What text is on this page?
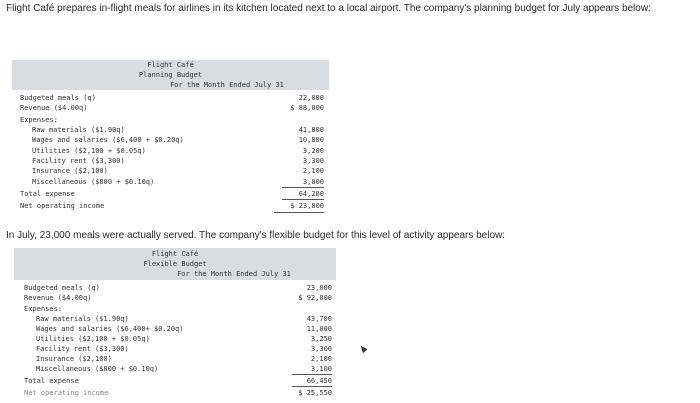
Flight Café prepares in-flight meals for airlines in its kitchen located next to a local airport. The company's planning budget for July appears below:
Flight Café
Planning Budget
For the Month Ended July 31
Budgeted meals (q)	22,000
Revenue ($4.00q)	$ 88,000
Expenses:
Raw materials ($1.90q)	41,800
Wages and salaries ($6,400 + $0.20q)	10,800
Utilities ($2,100 + $0.05q)	3,200
Facility rent ($3,300)	3,300
Insurance ($2,100)	2,100
Miscellaneous ($800 + $0.10q)	3,000
Total expense	64,200
Net operating income	$ 23,800
In July, 23,000 meals were actually served. The company's flexible budget for this level of activity appears below:
Flight Café
Flexible Budget
For the Month Ended July 31
Budgeted meals (q)	23,000
Revenue ($4.00q)	$ 92,000
Expenses:
Raw materials ($1.90q)	43,700
Wages and salaries ($6,400+ $0.20q)	11,000
Utilities ($2,100 + $0.05q)	3,250
Facility rent ($3,300)	3,300
Insurance ($2,100)	2,100
Miscellaneous ($800 + $0.10q)	3,100
Total expense	66,450
Net operating income	$ 25,550
